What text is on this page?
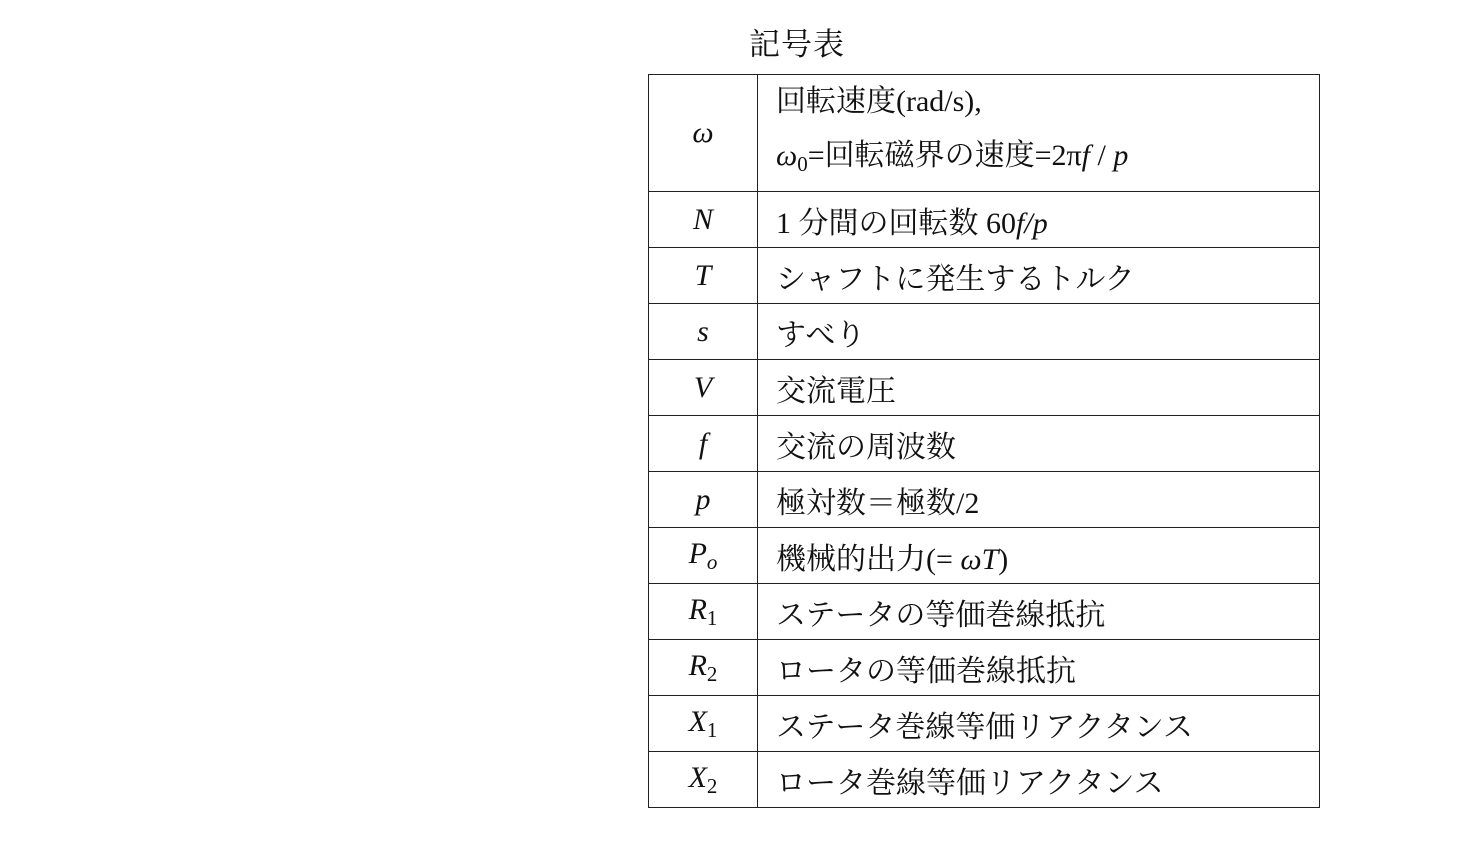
記号表
ω	回転速度(rad/s),
$\omega_0=$回転磁界の速度=2πf / p

N	1 分間の回転数 60f/p
T	シャフトに発生するトルク
s	すべり
V	交流電圧
f	交流の周波数
p	極対数＝極数/2
$P_o$	機械的出力(= ωT)
$R_1$	ステータの等価巻線抵抗
$R_2$	ロータの等価巻線抵抗
$X_1$	ステータ巻線等価リアクタンス
$X_2$	ロータ巻線等価リアクタンス
